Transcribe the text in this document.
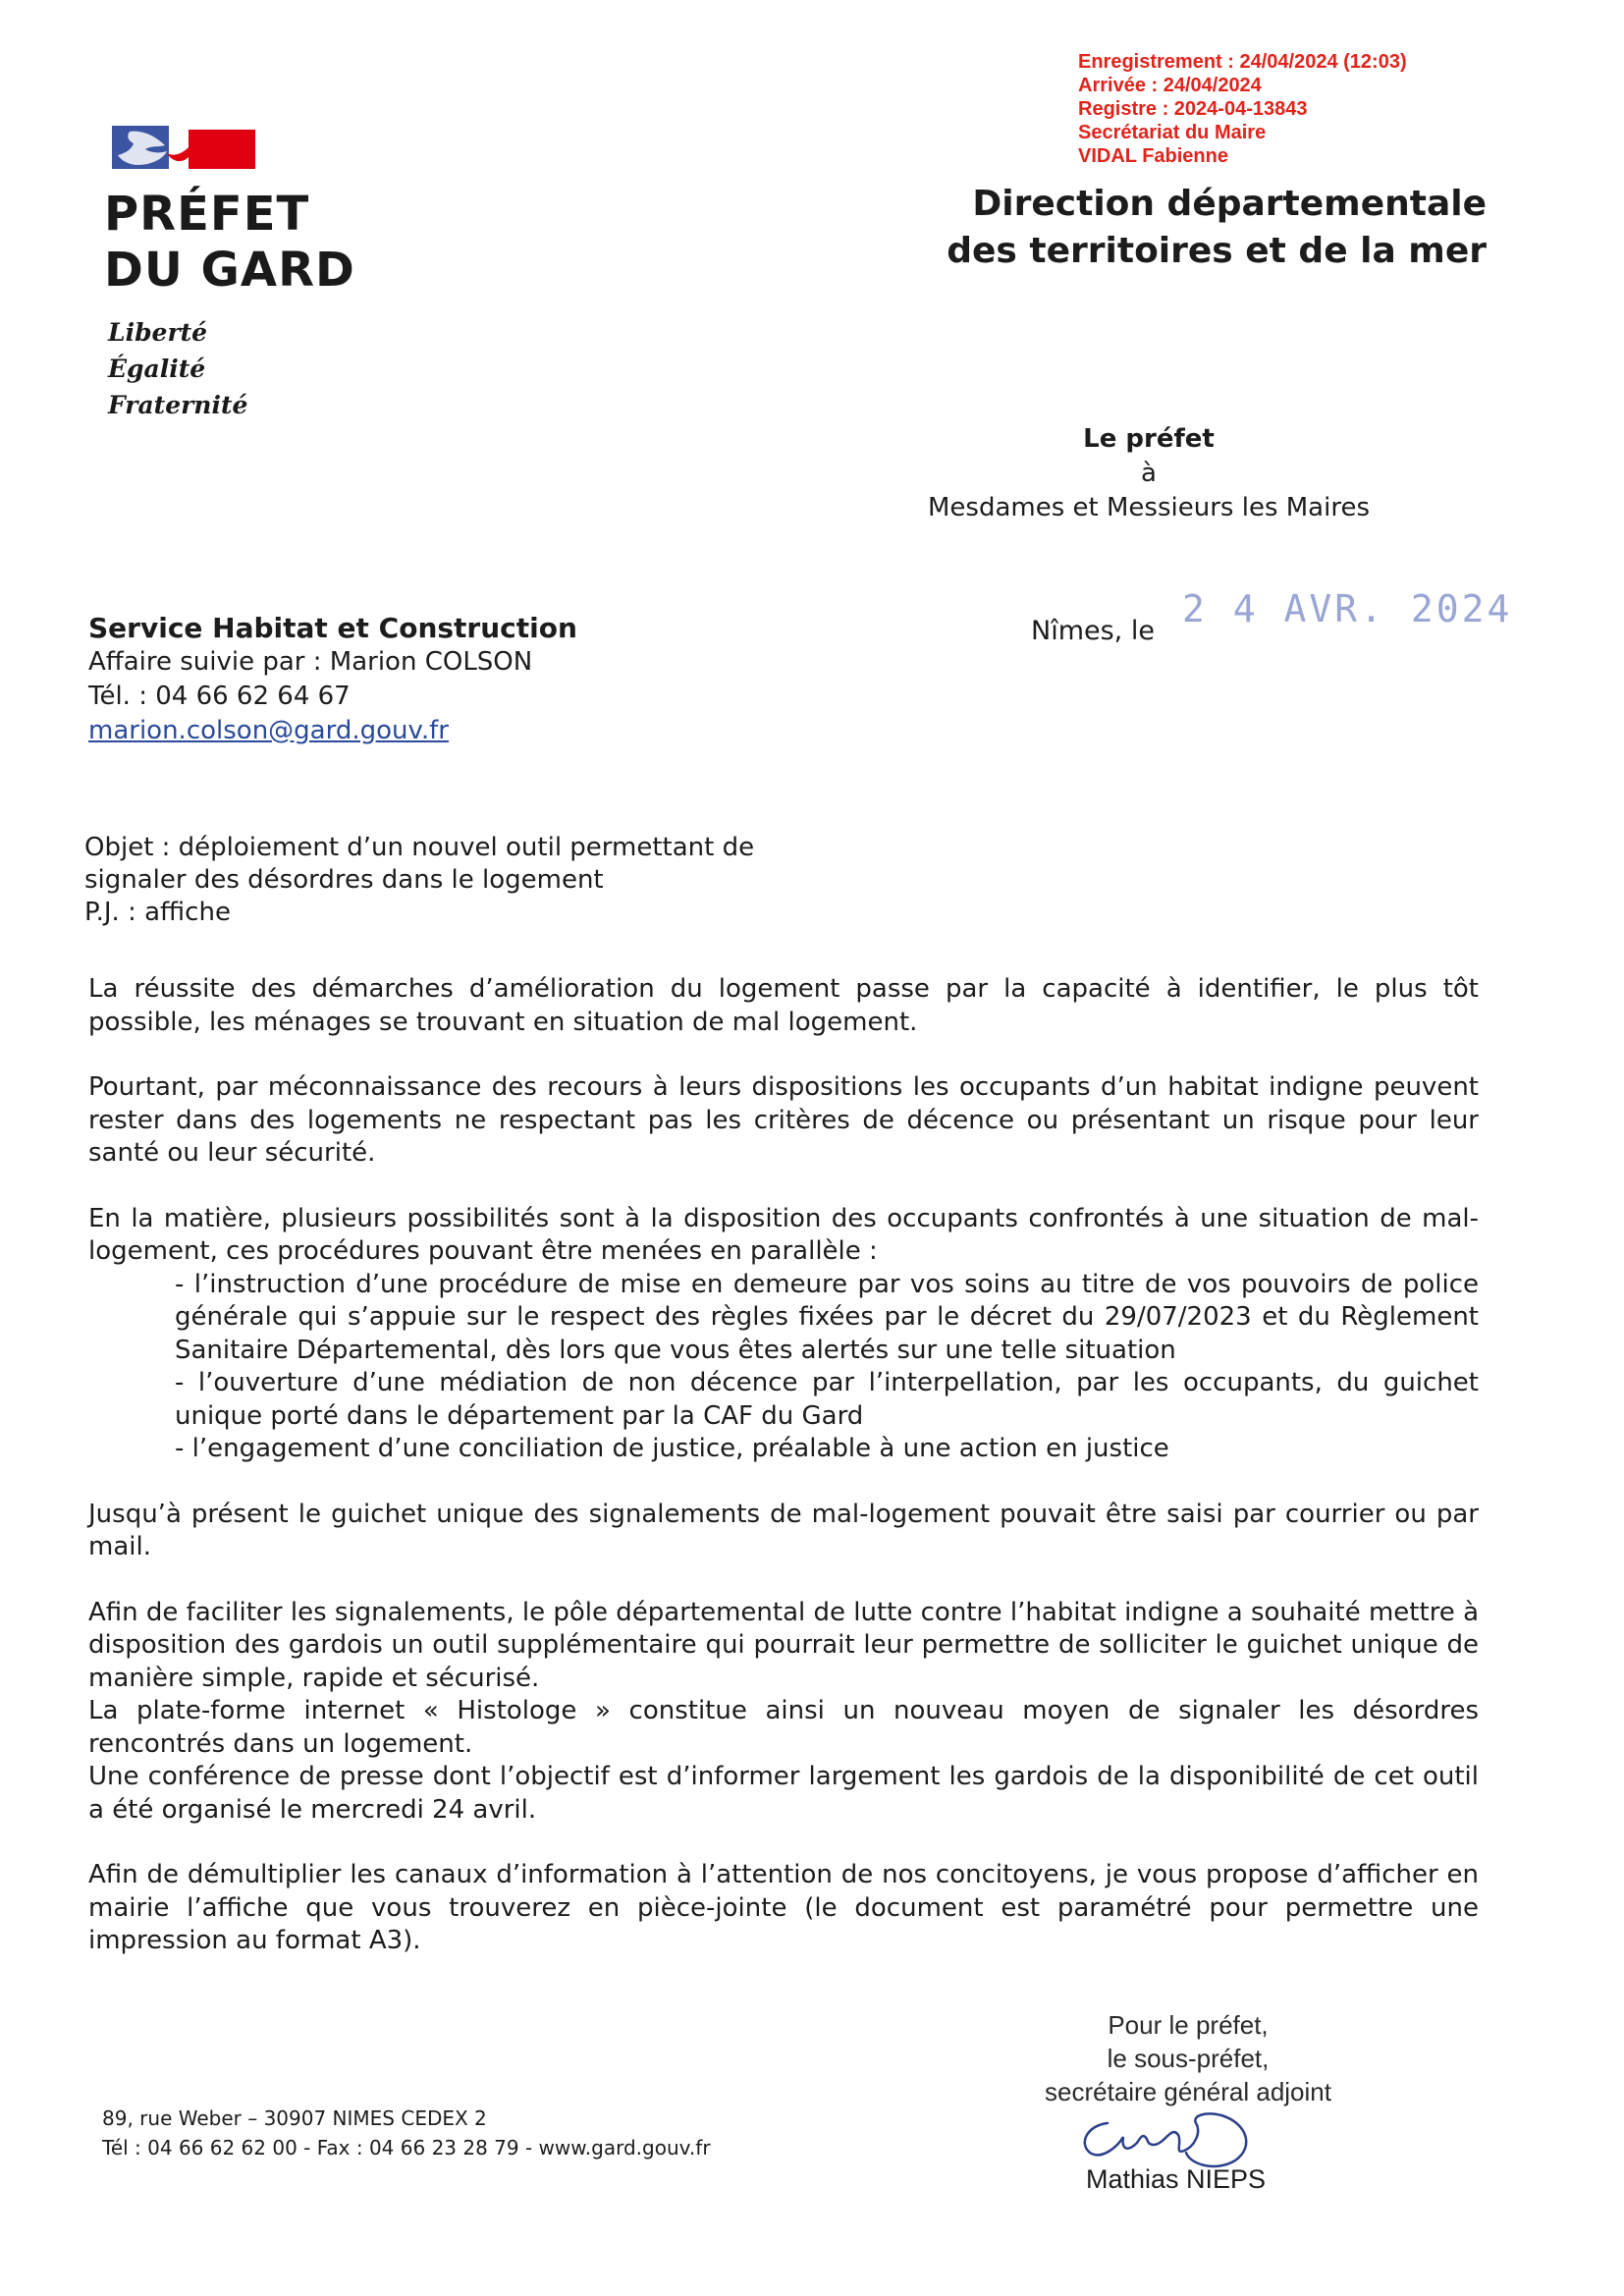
Enregistrement : 24/04/2024 (12:03)
Arrivée : 24/04/2024
Registre : 2024-04-13843
Secrétariat du Maire
VIDAL Fabienne
PRÉFET
DU GARD
Liberté
Égalité
Fraternité
Direction départementale
des territoires et de la mer
Le préfet
à
Mesdames et Messieurs les Maires
Service Habitat et Construction
Affaire suivie par : Marion COLSON
Tél. : 04 66 62 64 67
marion.colson@gard.gouv.fr
Nîmes, le
2 4 AVR. 2024
Objet : déploiement d’un nouvel outil permettant de
signaler des désordres dans le logement
P.J. : affiche

La réussite des démarches d’amélioration du logement passe par la capacité à identifier, le plus tôt possible, les ménages se trouvant en situation de mal logement.

Pourtant, par méconnaissance des recours à leurs dispositions les occupants d’un habitat indigne peuvent rester dans des logements ne respectant pas les critères de décence ou présentant un risque pour leur santé ou leur sécurité.

En la matière, plusieurs possibilités sont à la disposition des occupants confrontés à une situation de mal-logement, ces procédures pouvant être menées en parallèle :

- l’instruction d’une procédure de mise en demeure par vos soins au titre de vos pouvoirs de police générale qui s’appuie sur le respect des règles fixées par le décret du 29/07/2023 et du Règlement Sanitaire Départemental, dès lors que vous êtes alertés sur une telle situation
- l’ouverture d’une médiation de non décence par l’interpellation, par les occupants, du guichet unique porté dans le département par la CAF du Gard
- l’engagement d’une conciliation de justice, préalable à une action en justice

Jusqu’à présent le guichet unique des signalements de mal-logement pouvait être saisi par courrier ou par mail.

Afin de faciliter les signalements, le pôle départemental de lutte contre l’habitat indigne a souhaité mettre à disposition des gardois un outil supplémentaire qui pourrait leur permettre de solliciter le guichet unique de manière simple, rapide et sécurisé.

La plate-forme internet « Histologe » constitue ainsi un nouveau moyen de signaler les désordres rencontrés dans un logement.

Une conférence de presse dont l’objectif est d’informer largement les gardois de la disponibilité de cet outil a été organisé le mercredi 24 avril.

Afin de démultiplier les canaux d’information à l’attention de nos concitoyens, je vous propose d’afficher en mairie l’affiche que vous trouverez en pièce-jointe (le document est paramétré pour permettre une impression au format A3).

Pour le préfet,
le sous-préfet,
secrétaire général adjoint
Mathias NIEPS
89, rue Weber – 30907 NIMES CEDEX 2
Tél : 04 66 62 62 00 - Fax : 04 66 23 28 79 - www.gard.gouv.fr
